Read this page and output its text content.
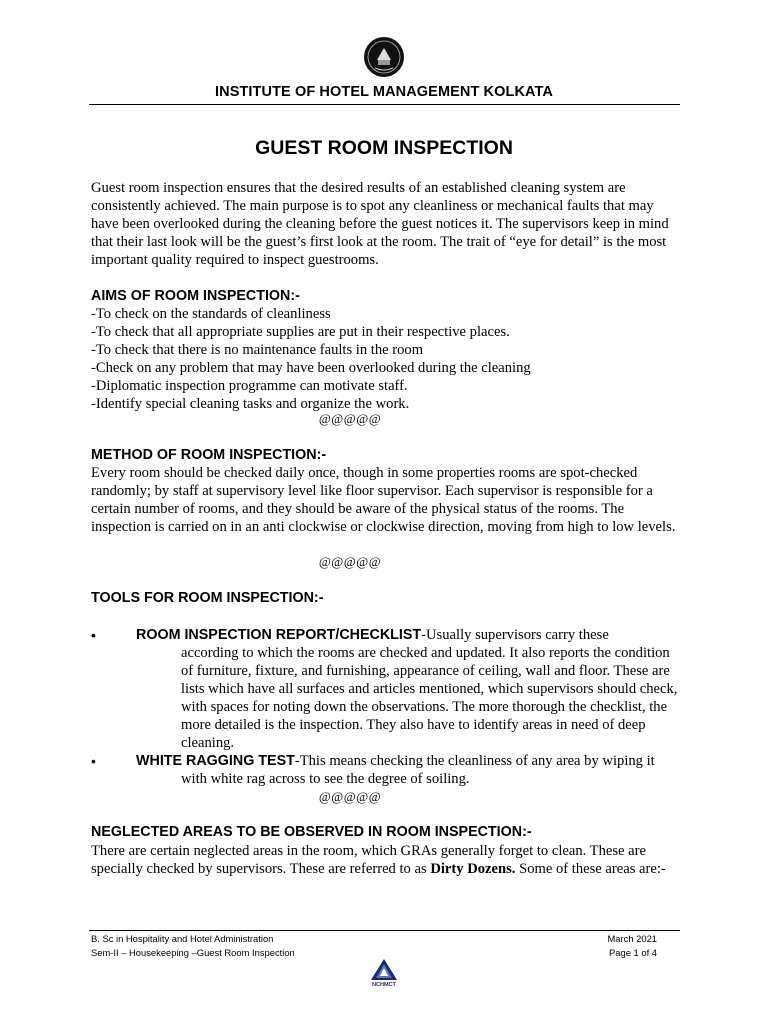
INSTITUTE OF HOTEL MANAGEMENT KOLKATA
GUEST ROOM INSPECTION
Guest room inspection ensures that the desired results of an established cleaning system are consistently achieved. The main purpose is to spot any cleanliness or mechanical faults that may have been overlooked during the cleaning before the guest notices it. The supervisors keep in mind that their last look will be the guest’s first look at the room. The trait of “eye for detail” is the most important quality required to inspect guestrooms.
AIMS OF ROOM INSPECTION:-
-To check on the standards of cleanliness
-To check that all appropriate supplies are put in their respective places.
-To check that there is no maintenance faults in the room
-Check on any problem that may have been overlooked during the cleaning
-Diplomatic inspection programme can motivate staff.
-Identify special cleaning tasks and organize the work.
@@@@@
METHOD OF ROOM INSPECTION:-
Every room should be checked daily once, though in some properties rooms are spot-checked randomly; by staff at supervisory level like floor supervisor. Each supervisor is responsible for a certain number of rooms, and they should be aware of the physical status of the rooms. The inspection is carried on in an anti clockwise or clockwise direction, moving from high to low levels.
@@@@@
TOOLS FOR ROOM INSPECTION:-
•	ROOM INSPECTION REPORT/CHECKLIST-Usually supervisors carry these
according to which the rooms are checked and updated. It also reports the condition of furniture, fixture, and furnishing, appearance of ceiling, wall and floor. These are lists which have all surfaces and articles mentioned, which supervisors should check, with spaces for noting down the observations. The more thorough the checklist, the more detailed is the inspection. They also have to identify areas in need of deep cleaning.
•	WHITE RAGGING TEST-This means checking the cleanliness of any area by wiping it
with white rag across to see the degree of soiling.
@@@@@
NEGLECTED AREAS TO BE OBSERVED IN ROOM INSPECTION:-
There are certain neglected areas in the room, which GRAs generally forget to clean. These are specially checked by supervisors. These are referred to as Dirty Dozens. Some of these areas are:-
B. Sc in Hospitality and Hotel Administration
Sem-II – Housekeeping –Guest Room Inspection
March 2021
Page 1 of 4
NCHMCT
